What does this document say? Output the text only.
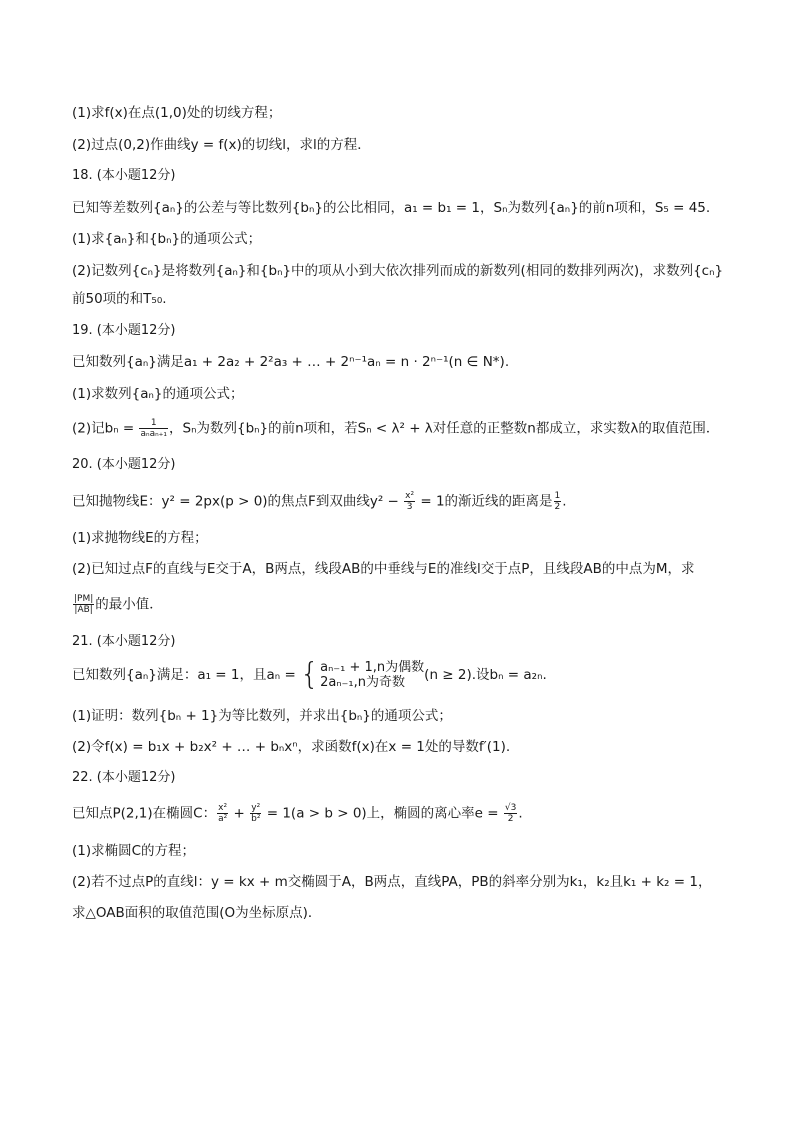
(1)求f(x)在点(1,0)处的切线方程；
(2)过点(0,2)作曲线y = f(x)的切线l，求l的方程．
18. (本小题12分)
已知等差数列{aₙ}的公差与等比数列{bₙ}的公比相同，a₁ = b₁ = 1，Sₙ为数列{aₙ}的前n项和，S₅ = 45.
(1)求{aₙ}和{bₙ}的通项公式；
(2)记数列{cₙ}是将数列{aₙ}和{bₙ}中的项从小到大依次排列而成的新数列(相同的数排列两次)，求数列{cₙ}
前50项的和T₅₀.
19. (本小题12分)
已知数列{aₙ}满足a₁ + 2a₂ + 2²a₃ + … + 2ⁿ⁻¹aₙ = n · 2ⁿ⁻¹(n ∈ N*).
(1)求数列{aₙ}的通项公式；
(2)记$b_n = \frac{1}{\text{aₙaₙ₊₁}}$ ，Sₙ为数列{bₙ}的前n项和，若Sₙ < λ² + λ对任意的正整数n都成立，求实数λ的取值范围．
20. (本小题12分)
已知抛物线E：y² = 2px(p > 0)的焦点F到双曲线$y^2 - \frac{\text{x²}}{3} = 1$的渐近线的距离是 $\frac{1}{2}$ .
(1)求抛物线E的方程；
(2)已知过点F的直线与E交于A，B两点，线段AB的中垂线与E的准线l交于点P，且线段AB的中点为M，求
$\frac{|PM|}{|AB|}$ 的最小值．
21. (本小题12分)
已知数列{aₙ}满足：a₁ = 1，且aₙ = { aₙ₋₁ + 1,n为偶数
2aₙ₋₁,n为奇数	(n ≥ 2).设bₙ = a₂ₙ.
(1)证明：数列{bₙ + 1}为等比数列，并求出{bₙ}的通项公式；
(2)令f(x) = b₁x + b₂x² + … + bₙxⁿ，求函数f(x)在x = 1处的导数f′(1).
22. (本小题12分)
已知点P(2,1)在椭圆C： $\frac{\text{x²}}{\text{a²}} + \frac{\text{y²}}{\text{b²}} = 1(a > b > 0)$上，椭圆的离心率$e = \frac{√3}{2}$ .
(1)求椭圆C的方程；
(2)若不过点P的直线l：y = kx + m交椭圆于A，B两点，直线PA，PB的斜率分别为k₁，k₂且k₁ + k₂ = 1，
求△OAB面积的取值范围(O为坐标原点)．
